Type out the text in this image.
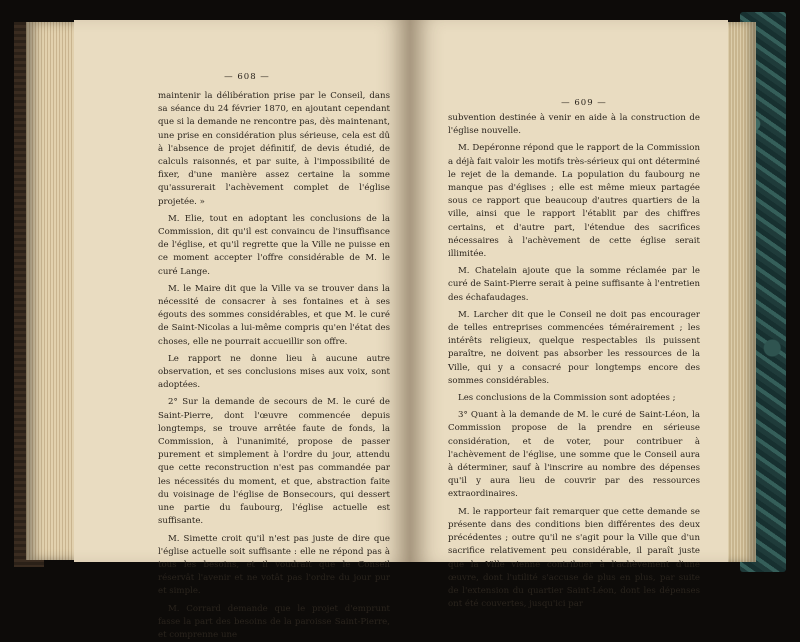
— 608 —

maintenir la délibération prise par le Conseil, dans sa séance du 24 février 1870, en ajoutant cependant que si la demande ne rencontre pas, dès maintenant, une prise en considération plus sérieuse, cela est dû à l'absence de projet définitif, de devis étudié, de calculs raisonnés, et par suite, à l'impossibilité de fixer, d'une manière assez certaine la somme qu'assurerait l'achèvement complet de l'église projetée. »

M. Elie, tout en adoptant les conclusions de la Commission, dit qu'il est convaincu de l'insuffisance de l'église, et qu'il regrette que la Ville ne puisse en ce moment accepter l'offre considérable de M. le curé Lange.

M. le Maire dit que la Ville va se trouver dans la nécessité de consacrer à ses fontaines et à ses égouts des sommes considérables, et que M. le curé de Saint-Nicolas a lui-même compris qu'en l'état des choses, elle ne pourrait accueillir son offre.

Le rapport ne donne lieu à aucune autre observation, et ses conclusions mises aux voix, sont adoptées.

2° Sur la demande de secours de M. le curé de Saint-Pierre, dont l'œuvre commencée depuis longtemps, se trouve arrêtée faute de fonds, la Commission, à l'unanimité, propose de passer purement et simplement à l'ordre du jour, attendu que cette reconstruction n'est pas commandée par les nécessités du moment, et que, abstraction faite du voisinage de l'église de Bonsecours, qui dessert une partie du faubourg, l'église actuelle est suffisante.

M. Simette croit qu'il n'est pas juste de dire que l'église actuelle soit suffisante : elle ne répond pas à tous les besoins, et il voudrait que le Conseil réservât l'avenir et ne votât pas l'ordre du jour pur et simple.

M. Corrard demande que le projet d'emprunt fasse la part des besoins de la paroisse Saint-Pierre, et comprenne une

— 609 —

subvention destinée à venir en aide à la construction de l'église nouvelle.

M. Depéronne répond que le rapport de la Commission a déjà fait valoir les motifs très-sérieux qui ont déterminé le rejet de la demande. La population du faubourg ne manque pas d'églises ; elle est même mieux partagée sous ce rapport que beaucoup d'autres quartiers de la ville, ainsi que le rapport l'établit par des chiffres certains, et d'autre part, l'étendue des sacrifices nécessaires à l'achèvement de cette église serait illimitée.

M. Chatelain ajoute que la somme réclamée par le curé de Saint-Pierre serait à peine suffisante à l'entretien des échafaudages.

M. Larcher dit que le Conseil ne doit pas encourager de telles entreprises commencées témérairement ; les intérêts religieux, quelque respectables ils puissent paraître, ne doivent pas absorber les ressources de la Ville, qui y a consacré pour longtemps encore des sommes considérables.

Les conclusions de la Commission sont adoptées ;

3° Quant à la demande de M. le curé de Saint-Léon, la Commission propose de la prendre en sérieuse considération, et de voter, pour contribuer à l'achèvement de l'église, une somme que le Conseil aura à déterminer, sauf à l'inscrire au nombre des dépenses qu'il y aura lieu de couvrir par des ressources extraordinaires.

M. le rapporteur fait remarquer que cette demande se présente dans des conditions bien différentes des deux précédentes ; outre qu'il ne s'agit pour la Ville que d'un sacrifice relativement peu considérable, il paraît juste que la Ville vienne contribuer à l'achèvement d'une œuvre, dont l'utilité s'accuse de plus en plus, par suite de l'extension du quartier Saint-Léon, dont les dépenses ont été couvertes, jusqu'ici par
